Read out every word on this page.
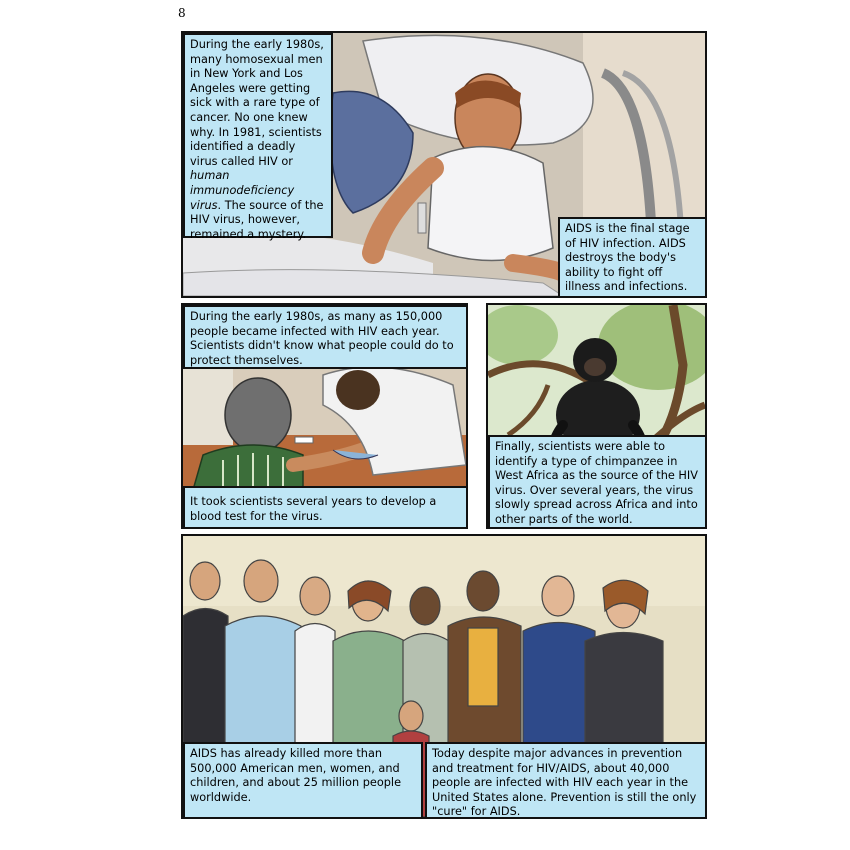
8
During the early 1980s, many homosexual men in New York and Los Angeles were getting sick with a rare type of cancer. No one knew why. In 1981, scientists identified a deadly virus called HIV or human immunodeficiency virus. The source of the HIV virus, however, remained a mystery.	AIDS is the final stage of HIV infection. AIDS destroys the body's ability to fight off illness and infections.
During the early 1980s, as many as 150,000 people became infected with HIV each year. Scientists didn't know what people could do to protect themselves.
It took scientists several years to develop a blood test for the virus.
Finally, scientists were able to identify a type of chimpanzee in West Africa as the source of the HIV virus. Over several years, the virus slowly spread across Africa and into other parts of the world.
AIDS has already killed more than 500,000 American men, women, and children, and about 25 million people worldwide.
Today despite major advances in prevention and treatment for HIV/AIDS, about 40,000 people are infected with HIV each year in the United States alone. Prevention is still the only "cure" for AIDS.
